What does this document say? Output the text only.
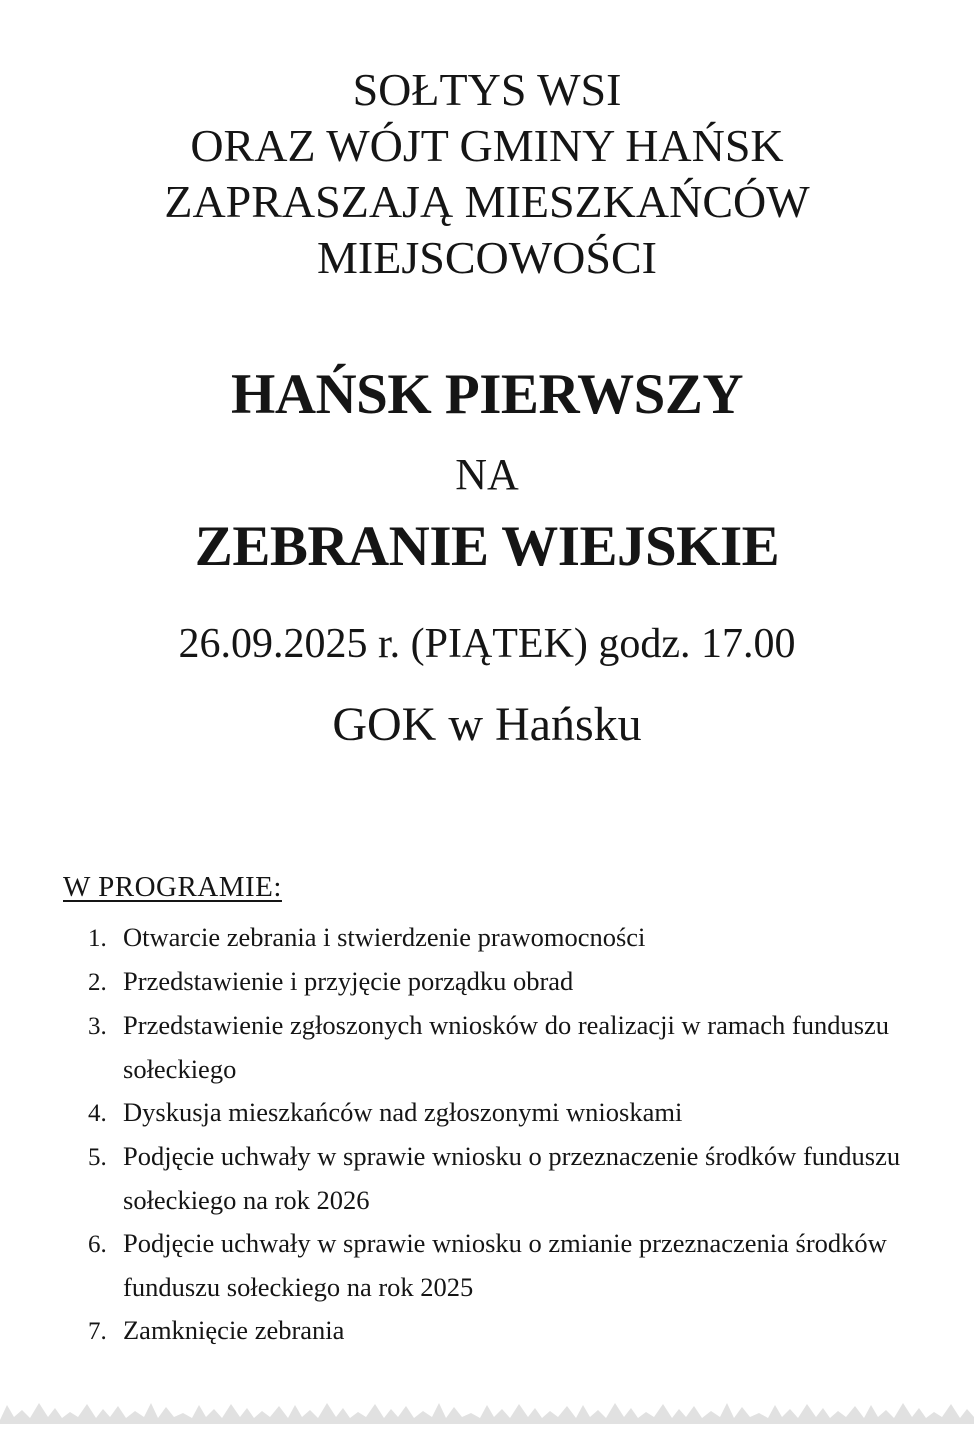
SOŁTYS WSI
ORAZ WÓJT GMINY HAŃSK
ZAPRASZAJĄ MIESZKAŃCÓW
MIEJSCOWOŚCI
HAŃSK PIERWSZY
NA
ZEBRANIE WIEJSKIE
26.09.2025 r. (PIĄTEK) godz. 17.00
GOK w Hańsku
W PROGRAMIE:
1. Otwarcie zebrania i stwierdzenie prawomocności
2. Przedstawienie i przyjęcie porządku obrad
3. Przedstawienie zgłoszonych wniosków do realizacji w ramach funduszu
sołeckiego
4. Dyskusja mieszkańców nad zgłoszonymi wnioskami
5. Podjęcie uchwały w sprawie wniosku o przeznaczenie środków funduszu
sołeckiego na rok 2026
6. Podjęcie uchwały w sprawie wniosku o zmianie przeznaczenia środków
funduszu sołeckiego na rok 2025
7. Zamknięcie zebrania
